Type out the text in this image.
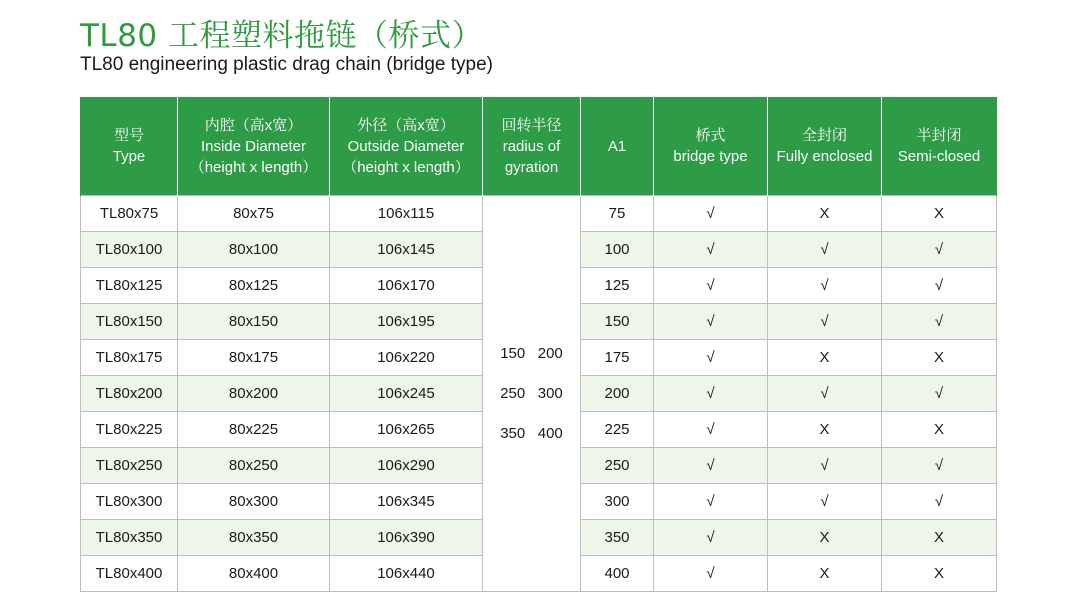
TL80 工程塑料拖链（桥式）
TL80 engineering plastic drag chain (bridge type)
型号
Type	内腔（高x宽）
Inside Diameter
（height x length）	外径（高x宽）
Outside Diameter
（height x length）	回转半径
radius of
gyration	A1	桥式
bridge type	全封闭
Fully enclosed	半封闭
Semi-closed

TL80x75	80x75	106x115	150   200
250   300
350   400	75	√	X	X
TL80x100	80x100	106x145		100	√	√	√
TL80x125	80x125	106x170		125	√	√	√
TL80x150	80x150	106x195		150	√	√	√
TL80x175	80x175	106x220		175	√	X	X
TL80x200	80x200	106x245		200	√	√	√
TL80x225	80x225	106x265		225	√	X	X
TL80x250	80x250	106x290		250	√	√	√
TL80x300	80x300	106x345		300	√	√	√
TL80x350	80x350	106x390		350	√	X	X
TL80x400	80x400	106x440		400	√	X	X
